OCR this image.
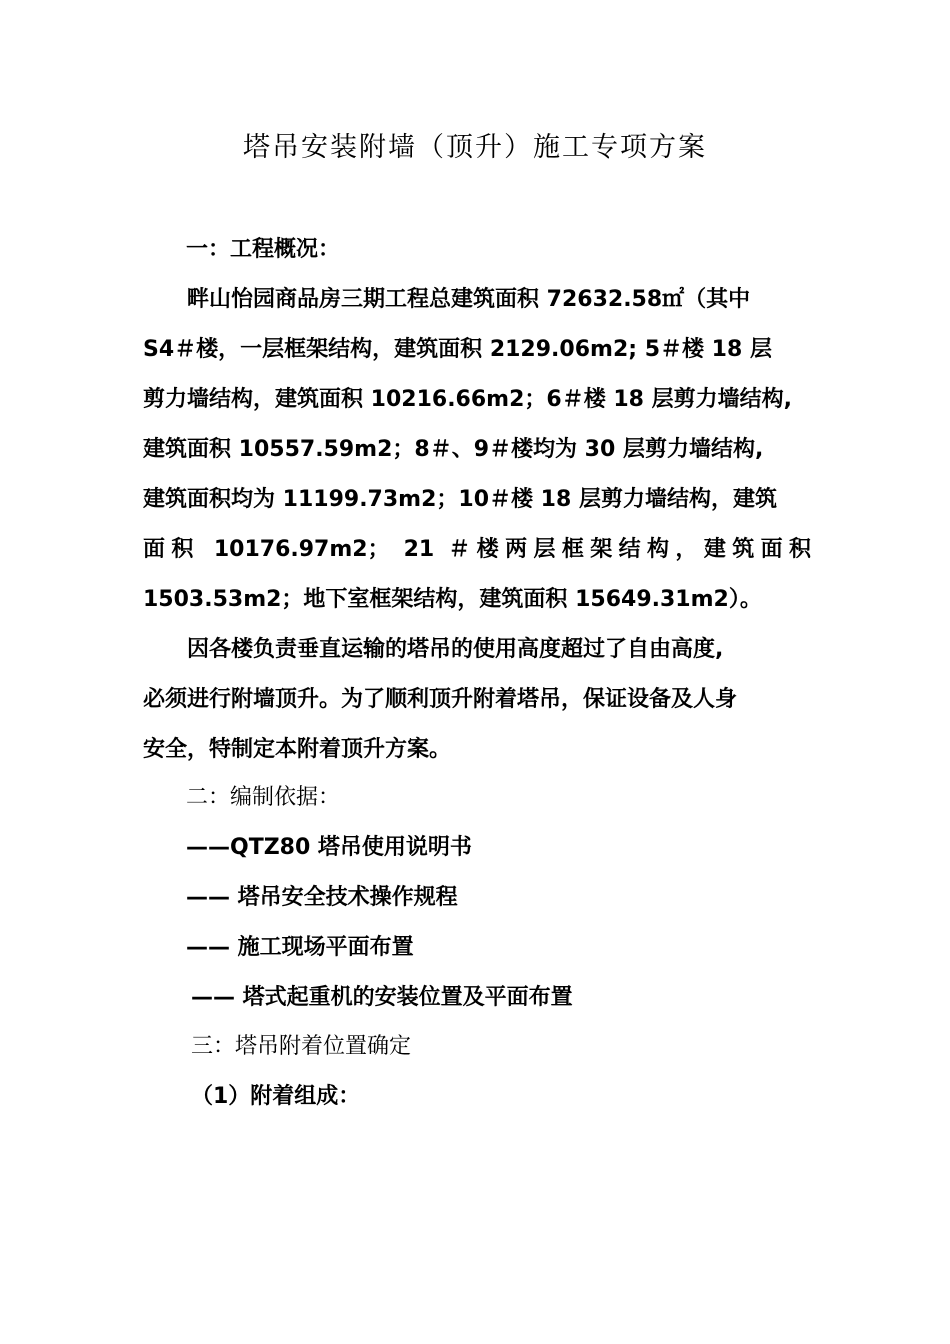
塔吊安装附墙（顶升）施工专项方案
一：工程概况：
畔山怡园商品房三期工程总建筑面积 72632.58㎡（其中
S4＃楼，一层框架结构，建筑面积 2129.06m2; 5＃楼 18 层
剪力墙结构，建筑面积 10216.66m2；6＃楼 18 层剪力墙结构,
建筑面积 10557.59m2；8＃、9＃楼均为 30 层剪力墙结构,
建筑面积均为 11199.73m2；10＃楼 18 层剪力墙结构，建筑
面积 10176.97m2； 21 ＃楼两层框架结构，建筑面积
1503.53m2；地下室框架结构，建筑面积 15649.31m2）。
因各楼负责垂直运输的塔吊的使用高度超过了自由高度,
必须进行附墙顶升。为了顺利顶升附着塔吊，保证设备及人身
安全，特制定本附着顶升方案。
二：编制依据：
——QTZ80 塔吊使用说明书
—— 塔吊安全技术操作规程
—— 施工现场平面布置
—— 塔式起重机的安装位置及平面布置
三：塔吊附着位置确定
（1）附着组成：
